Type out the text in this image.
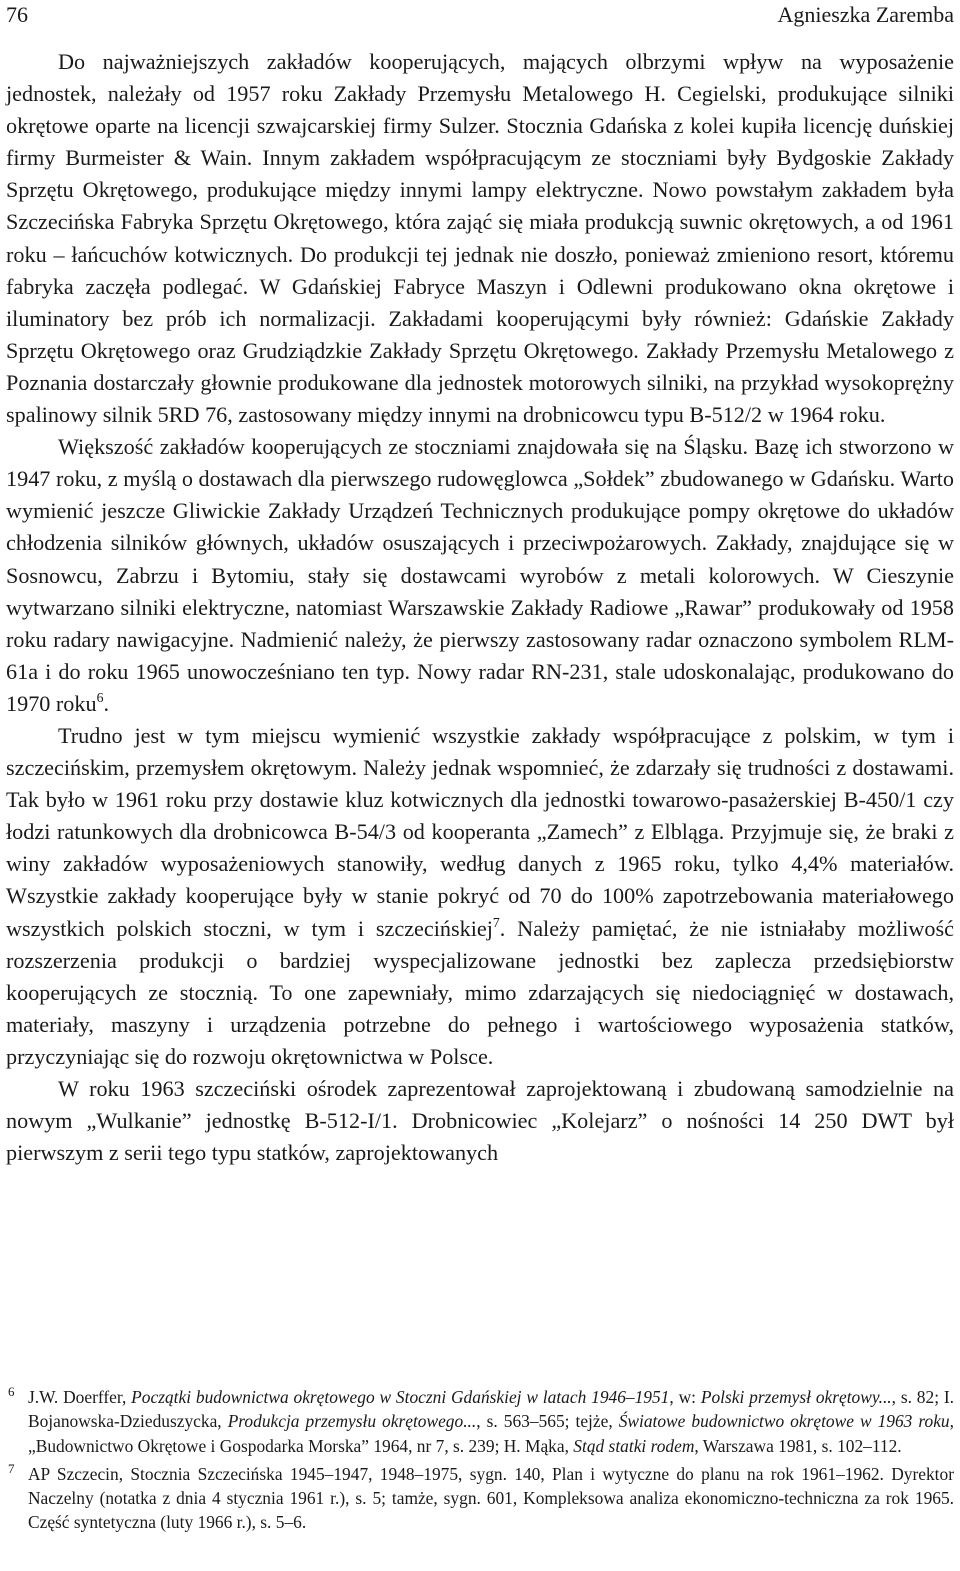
76	Agnieszka Zaremba

Do najważniejszych zakładów kooperujących, mających olbrzymi wpływ na wyposażenie jednostek, należały od 1957 roku Zakłady Przemysłu Metalowego H. Cegielski, produkujące silniki okrętowe oparte na licencji szwajcarskiej firmy Sulzer. Stocznia Gdańska z kolei kupiła licencję duńskiej firmy Burmeister & Wain. Innym zakładem współpracującym ze stoczniami były Bydgoskie Zakłady Sprzętu Okrętowego, produkujące między innymi lampy elektryczne. Nowo powstałym zakładem była Szczecińska Fabryka Sprzętu Okrętowego, która zająć się miała produkcją suwnic okrętowych, a od 1961 roku – łańcuchów kotwicznych. Do produkcji tej jednak nie doszło, ponieważ zmieniono resort, któremu fabryka zaczęła podlegać. W Gdańskiej Fabryce Maszyn i Odlewni produkowano okna okrętowe i iluminatory bez prób ich normalizacji. Zakładami kooperującymi były również: Gdańskie Zakłady Sprzętu Okrętowego oraz Grudziądzkie Zakłady Sprzętu Okrętowego. Zakłady Przemysłu Metalowego z Poznania dostarczały głownie produkowane dla jednostek motorowych silniki, na przykład wysokoprężny spalinowy silnik 5RD 76, zastosowany między innymi na drobnicowcu typu B-512/2 w 1964 roku.

Większość zakładów kooperujących ze stoczniami znajdowała się na Śląsku. Bazę ich stworzono w 1947 roku, z myślą o dostawach dla pierwszego rudowęglowca „Sołdek” zbudowanego w Gdańsku. Warto wymienić jeszcze Gliwickie Zakłady Urządzeń Technicznych produkujące pompy okrętowe do układów chłodzenia silników głównych, układów osuszających i przeciwpożarowych. Zakłady, znajdujące się w Sosnowcu, Zabrzu i Bytomiu, stały się dostawcami wyrobów z metali kolorowych. W Cieszynie wytwarzano silniki elektryczne, natomiast Warszawskie Zakłady Radiowe „Rawar” produkowały od 1958 roku radary nawigacyjne. Nadmienić należy, że pierwszy zastosowany radar oznaczono symbolem RLM-61a i do roku 1965 unowocześniano ten typ. Nowy radar RN-231, stale udoskonalając, produkowano do 1970 roku$^6$.

Trudno jest w tym miejscu wymienić wszystkie zakłady współpracujące z polskim, w tym i szczecińskim, przemysłem okrętowym. Należy jednak wspomnieć, że zdarzały się trudności z dostawami. Tak było w 1961 roku przy dostawie kluz kotwicznych dla jednostki towarowo-pasażerskiej B-450/1 czy łodzi ratunkowych dla drobnicowca B-54/3 od kooperanta „Zamech” z Elbląga. Przyjmuje się, że braki z winy zakładów wyposażeniowych stanowiły, według danych z 1965 roku, tylko 4,4% materiałów. Wszystkie zakłady kooperujące były w stanie pokryć od 70 do 100% zapotrzebowania materiałowego wszystkich polskich stoczni, w tym i szczecińskiej$^7$. Należy pamiętać, że nie istniałaby możliwość rozszerzenia produkcji o bardziej wyspecjalizowane jednostki bez zaplecza przedsiębiorstw kooperujących ze stocznią. To one zapewniały, mimo zdarzających się niedociągnięć w dostawach, materiały, maszyny i urządzenia potrzebne do pełnego i wartościowego wyposażenia statków, przyczyniając się do rozwoju okrętownictwa w Polsce.

W roku 1963 szczeciński ośrodek zaprezentował zaprojektowaną i zbudowaną samodzielnie na nowym „Wulkanie” jednostkę B-512-I/1. Drobnicowiec „Kolejarz” o nośności 14 250 DWT był pierwszym z serii tego typu statków, zaprojektowanych

6 J.W. Doerffer, Początki budownictwa okrętowego w Stoczni Gdańskiej w latach 1946–1951, w: Polski przemysł okrętowy..., s. 82; I. Bojanowska-Dzieduszycka, Produkcja przemysłu okrętowego..., s. 563–565; tejże, Światowe budownictwo okrętowe w 1963 roku, „Budownictwo Okrętowe i Gospodarka Morska” 1964, nr 7, s. 239; H. Mąka, Stąd statki rodem, Warszawa 1981, s. 102–112.
7 AP Szczecin, Stocznia Szczecińska 1945–1947, 1948–1975, sygn. 140, Plan i wytyczne do planu na rok 1961–1962. Dyrektor Naczelny (notatka z dnia 4 stycznia 1961 r.), s. 5; tamże, sygn. 601, Kompleksowa analiza ekonomiczno-techniczna za rok 1965. Część syntetyczna (luty 1966 r.), s. 5–6.
